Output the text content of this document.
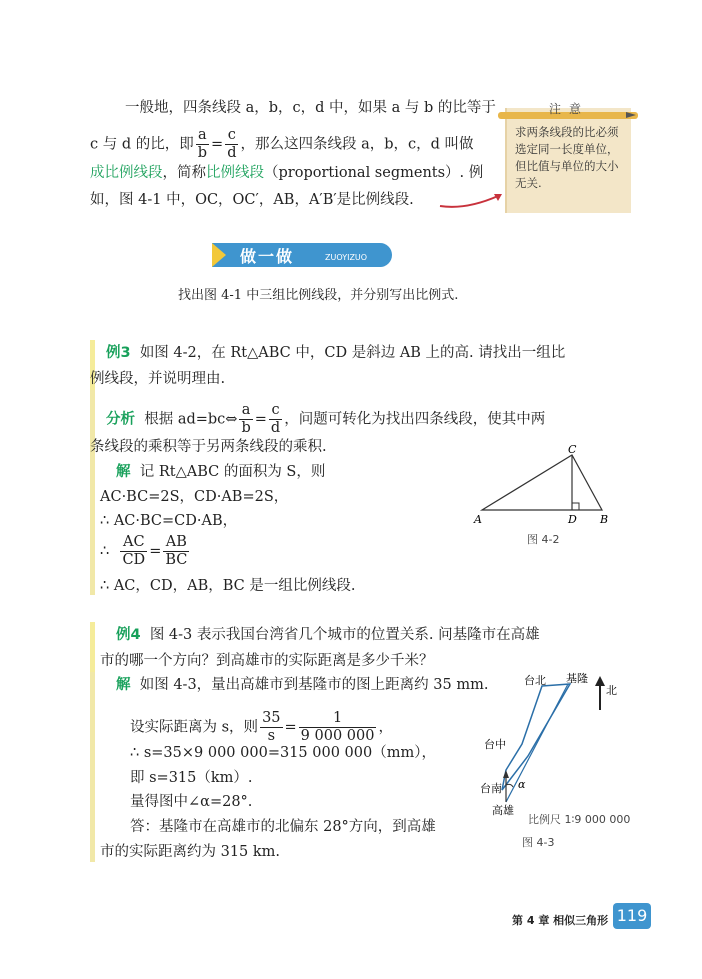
一般地，四条线段 a，b，c，d 中，如果 a 与 b 的比等于
c 与 d 的比，即 $\frac{a}{b} = \frac{c}{d}$ ，那么这四条线段 a，b，c，d 叫做
成比例线段，简称比例线段（proportional segments）. 例
如，图 4-1 中，OC，OC′，AB，A′B′是比例线段.
注意
求两条线段的比必须选定同一长度单位，但比值与单位的大小无关.
做一做	ZUOYIZUO
找出图 4-1 中三组比例线段，并分别写出比例式.
例3 如图 4-2，在 Rt△ABC 中，CD 是斜边 AB 上的高. 请找出一组比
例线段，并说明理由.
分析 根据 ad=bc⇔ $\frac{a}{b} = \frac{c}{d}$ ，问题可转化为找出四条线段，使其中两
条线段的乘积等于另两条线段的乘积.
解 记 Rt△ABC 的面积为 S，则
AC·BC=2S，CD·AB=2S，
∴ AC·BC=CD·AB，
∴ $\frac{AC}{CD} = \frac{AB}{BC}$
∴ AC，CD，AB，BC 是一组比例线段.
A	B
C
D
图 4-2
例4 图 4-3 表示我国台湾省几个城市的位置关系. 问基隆市在高雄
市的哪一个方向？到高雄市的实际距离是多少千米？
解 如图 4-3，量出高雄市到基隆市的图上距离约 35 mm.
设实际距离为 s，则 $\frac{35}{s} = \frac{1}{9 000 000}$ ，
∴ s=35×9 000 000=315 000 000（mm），
即 s=315（km）.
量得图中∠α=28°.
答：基隆市在高雄市的北偏东 28°方向，到高雄
市的实际距离约为 315 km.
台北 基隆
北
台中
台南 α
高雄
比例尺 1∶9 000 000
图 4-3
第 4 章 相似三角形 119
